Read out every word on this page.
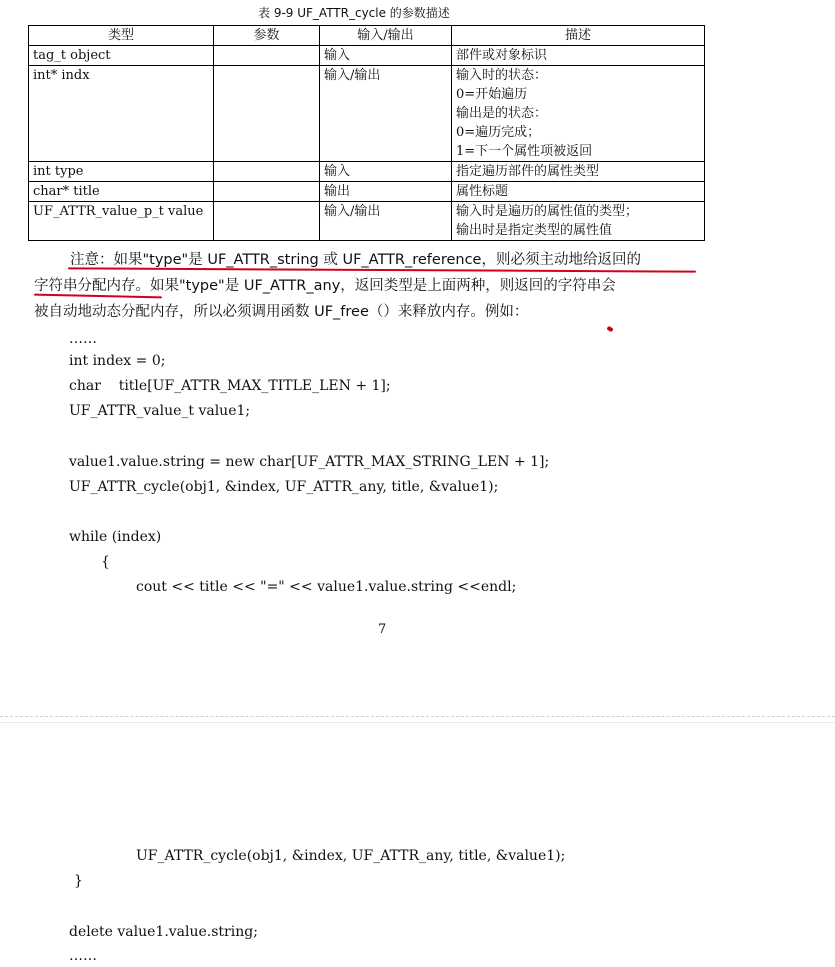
表 9-9 UF_ATTR_cycle 的参数描述
类型	参数	输入/输出	描述
tag_t object		输入	部件或对象标识

int* indx		输入/输出	输入时的状态：
0=开始遍历
输出是的状态：
0=遍历完成；
1=下一个属性项被返回

int type		输入	指定遍历部件的属性类型

char* title		输出	属性标题

UF_ATTR_value_p_t value		输入/输出	输入时是遍历的属性值的类型；
输出时是指定类型的属性值
注意：如果"type"是 UF_ATTR_string 或 UF_ATTR_reference，则必须主动地给返回的
字符串分配内存。如果"type"是 UF_ATTR_any，返回类型是上面两种，则返回的字符串会
被自动地动态分配内存，所以必须调用函数 UF_free（）来释放内存。例如：
……
int index = 0;
char    title[UF_ATTR_MAX_TITLE_LEN + 1];
UF_ATTR_value_t value1;
value1.value.string = new char[UF_ATTR_MAX_STRING_LEN + 1];
UF_ATTR_cycle(obj1, &index, UF_ATTR_any, title, &value1);
while (index)
{
cout << title << "=" << value1.value.string <<endl;
7
UF_ATTR_cycle(obj1, &index, UF_ATTR_any, title, &value1);
}
delete value1.value.string;
……
